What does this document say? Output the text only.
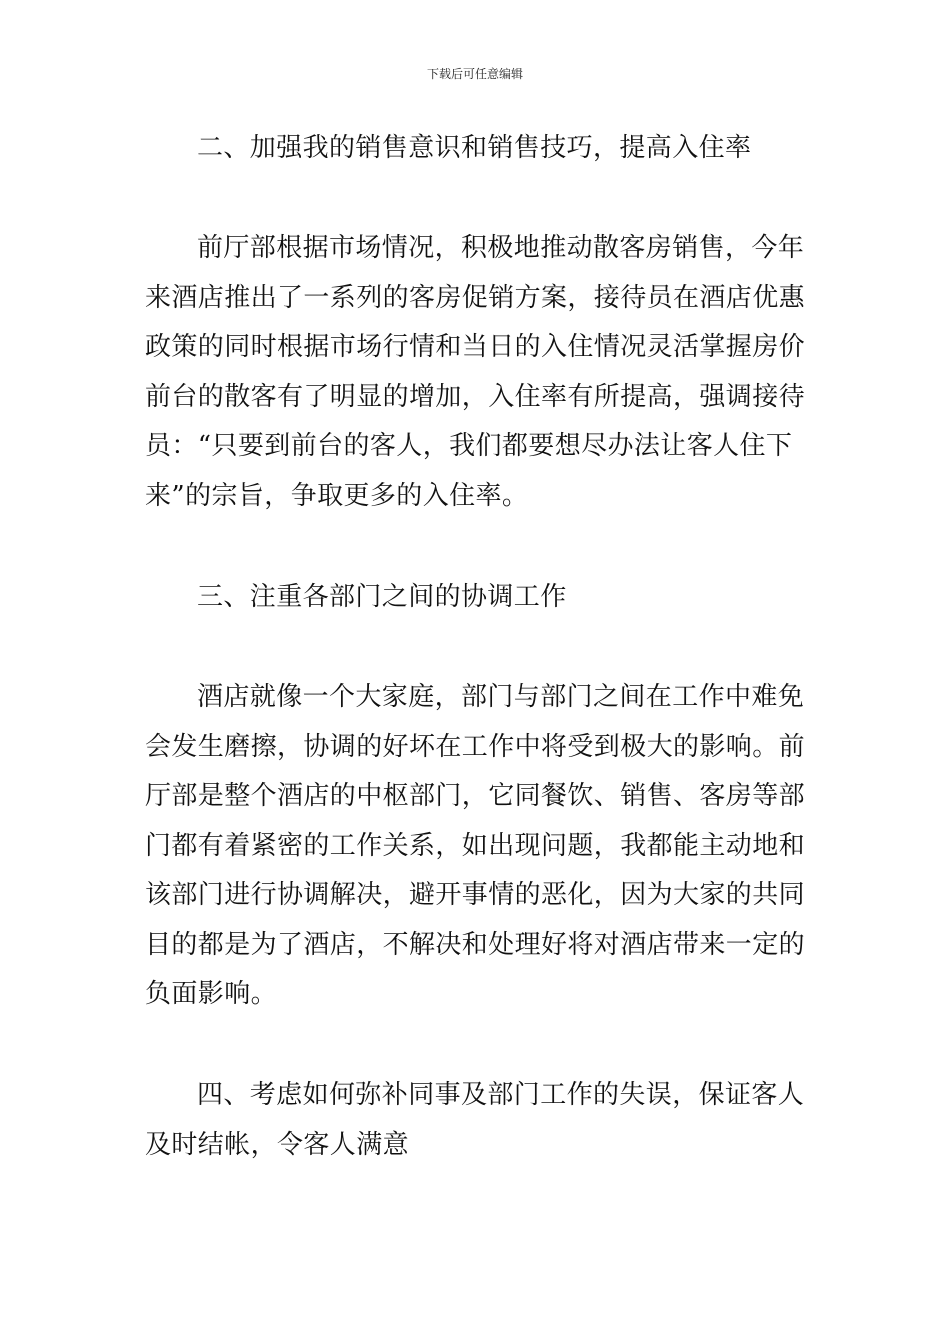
下载后可任意编辑
二、加强我的销售意识和销售技巧，提高入住率
前厅部根据市场情况，积极地推动散客房销售，今年
来酒店推出了一系列的客房促销方案，接待员在酒店优惠
政策的同时根据市场行情和当日的入住情况灵活掌握房价
前台的散客有了明显的增加，入住率有所提高，强调接待
员：“只要到前台的客人，我们都要想尽办法让客人住下
来”的宗旨，争取更多的入住率。
三、注重各部门之间的协调工作
酒店就像一个大家庭，部门与部门之间在工作中难免
会发生磨擦，协调的好坏在工作中将受到极大的影响。前
厅部是整个酒店的中枢部门，它同餐饮、销售、客房等部
门都有着紧密的工作关系，如出现问题，我都能主动地和
该部门进行协调解决，避开事情的恶化，因为大家的共同
目的都是为了酒店，不解决和处理好将对酒店带来一定的
负面影响。
四、考虑如何弥补同事及部门工作的失误，保证客人
及时结帐，令客人满意
